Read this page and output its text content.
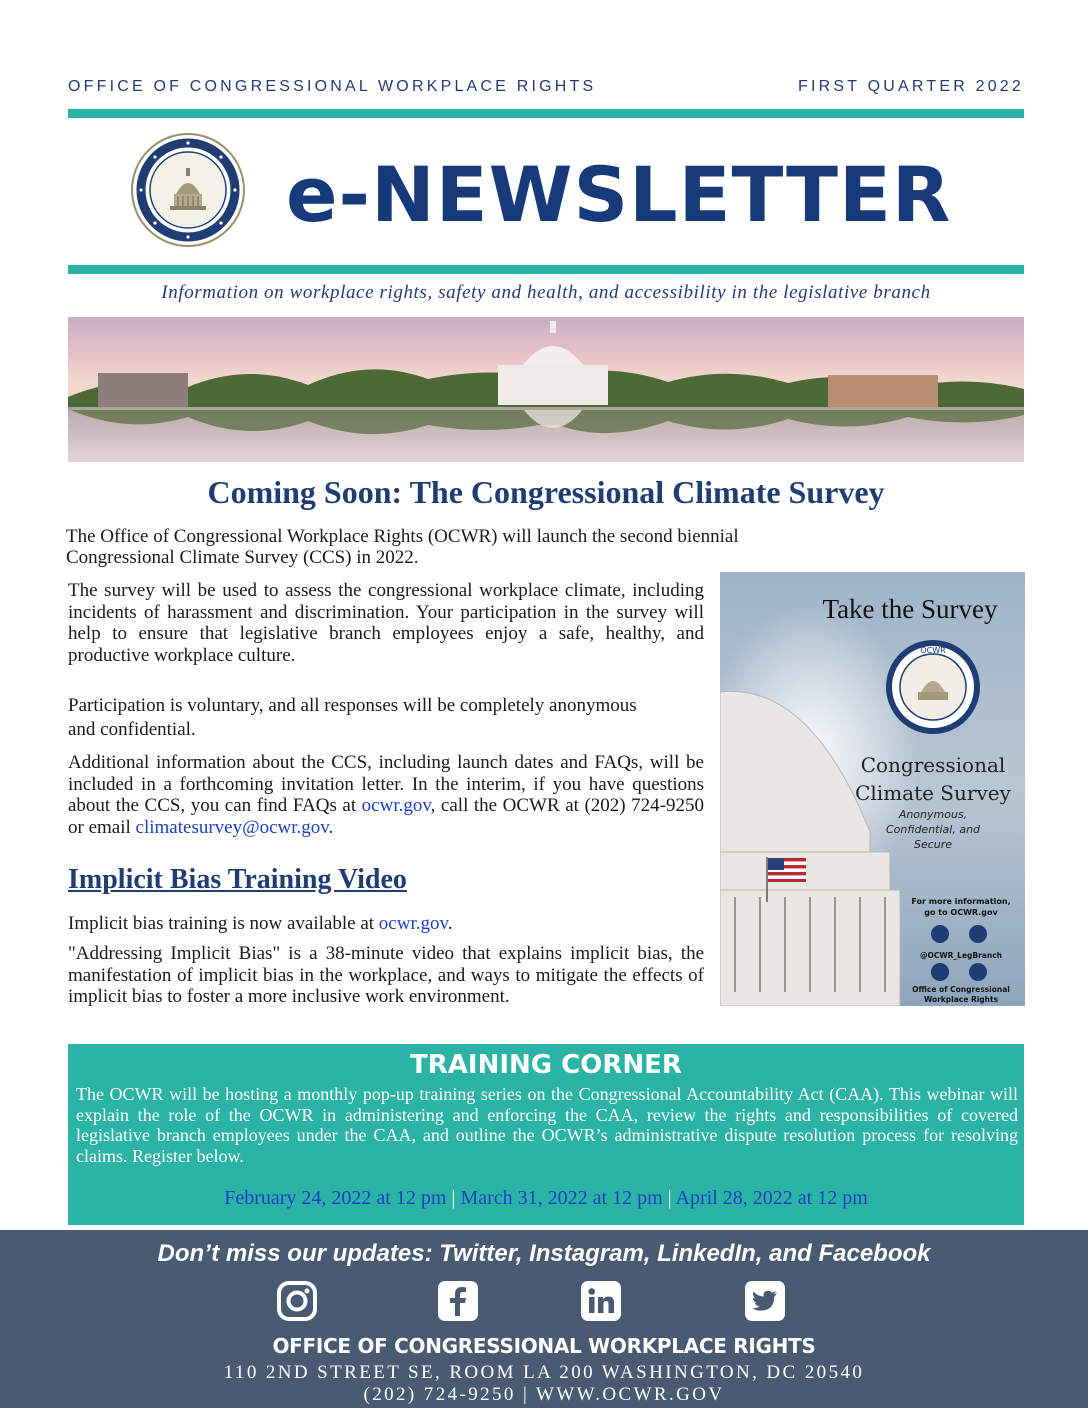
OFFICE OF CONGRESSIONAL WORKPLACE RIGHTS	FIRST QUARTER 2022
e-NEWSLETTER
Information on workplace rights, safety and health, and accessibility in the legislative branch
Coming Soon: The Congressional Climate Survey

The Office of Congressional Workplace Rights (OCWR) will launch the second biennial Congressional Climate Survey (CCS) in 2022.

The survey will be used to assess the congressional workplace climate, including incidents of harassment and discrimination. Your participation in the survey will help to ensure that legislative branch employees enjoy a safe, healthy, and productive workplace culture.

Participation is voluntary, and all responses will be completely anonymous and confidential.

Additional information about the CCS, including launch dates and FAQs, will be included in a forthcoming invitation letter. In the interim, if you have questions about the CCS, you can find FAQs at ocwr.gov, call the OCWR at (202) 724-9250 or email climatesurvey@ocwr.gov.

Implicit Bias Training Video

Implicit bias training is now available at ocwr.gov.

"Addressing Implicit Bias" is a 38-minute video that explains implicit bias, the manifestation of implicit bias in the workplace, and ways to mitigate the effects of implicit bias to foster a more inclusive work environment.

Take the Survey
OCWR
Congressional
Climate Survey
Anonymous,
Confidential, and
Secure
For more information,
go to OCWR.gov
@OCWR_LegBranch
Office of Congressional
Workplace Rights
TRAINING CORNER

The OCWR will be hosting a monthly pop-up training series on the Congressional Accountability Act (CAA). This webinar will explain the role of the OCWR in administering and enforcing the CAA, review the rights and responsibilities of covered legislative branch employees under the CAA, and outline the OCWR’s administrative dispute resolution process for resolving claims. Register below.

February 24, 2022 at 12 pm | March 31, 2022 at 12 pm | April 28, 2022 at 12 pm
Don’t miss our updates: Twitter, Instagram, LinkedIn, and Facebook
OFFICE OF CONGRESSIONAL WORKPLACE RIGHTS
110 2ND STREET SE, ROOM LA 200 WASHINGTON, DC 20540
(202) 724-9250 | WWW.OCWR.GOV
